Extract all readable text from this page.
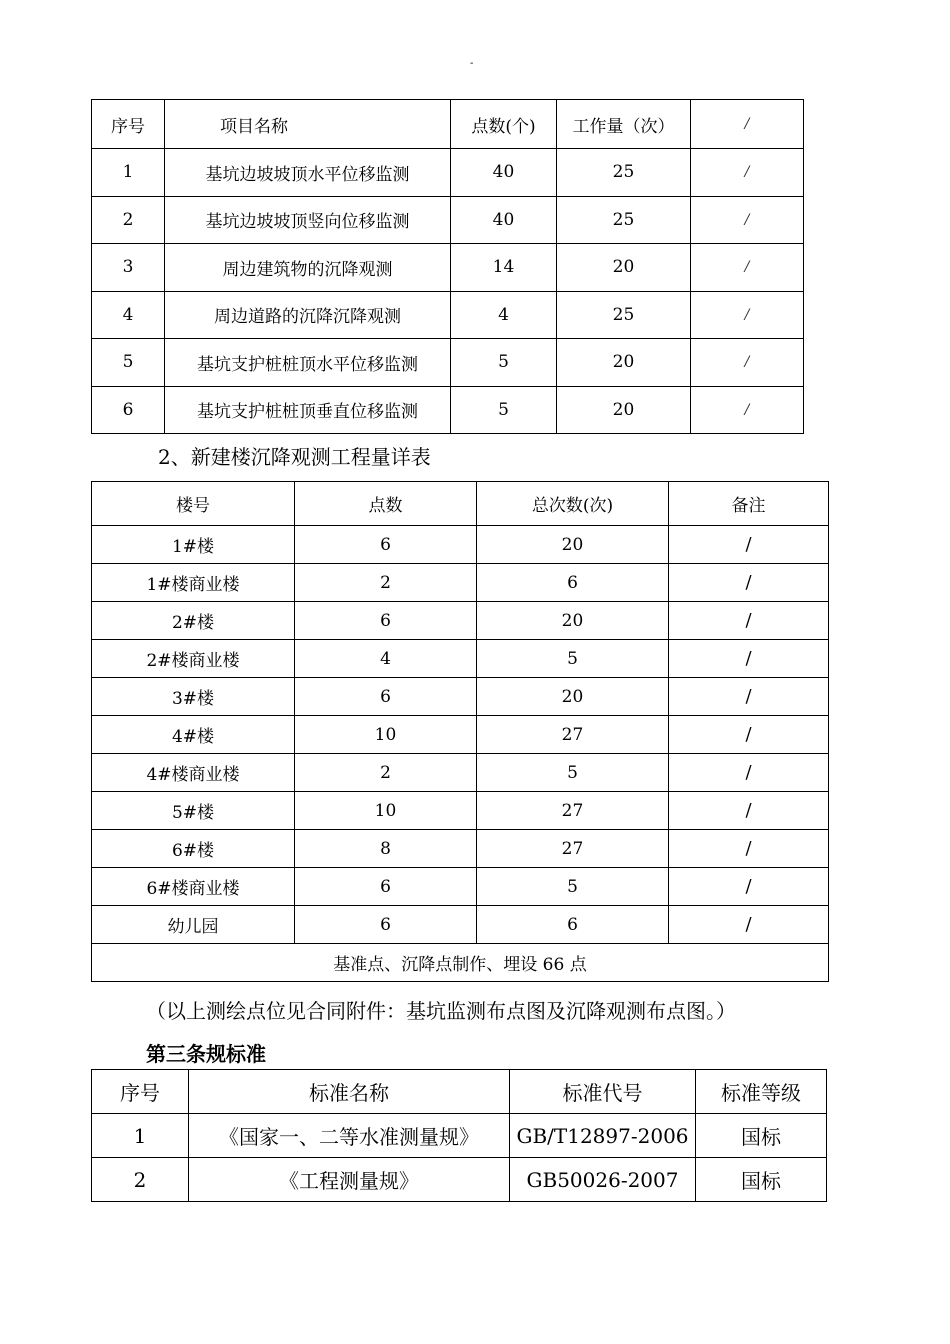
-
序号	项目名称	点数(个)	工作量（次）	/
1	基坑边坡坡顶水平位移监测	40	25	/
2	基坑边坡坡顶竖向位移监测	40	25	/
3	周边建筑物的沉降观测	14	20	/
4	周边道路的沉降沉降观测	4	25	/
5	基坑支护桩桩顶水平位移监测	5	20	/
6	基坑支护桩桩顶垂直位移监测	5	20	/
2、新建楼沉降观测工程量详表
楼号	点数	总次数(次)	备注
1#楼	6	20	/
1#楼商业楼	2	6	/
2#楼	6	20	/
2#楼商业楼	4	5	/
3#楼	6	20	/
4#楼	10	27	/
4#楼商业楼	2	5	/
5#楼	10	27	/
6#楼	8	27	/
6#楼商业楼	6	5	/
幼儿园	6	6	/
基准点、沉降点制作、埋设 66 点			
（以上测绘点位见合同附件：基坑监测布点图及沉降观测布点图。）
第三条规标准
序号	标准名称	标准代号	标准等级
1	《国家一、二等水准测量规》	GB/T12897-2006	国标
2	《工程测量规》	GB50026-2007	国标
